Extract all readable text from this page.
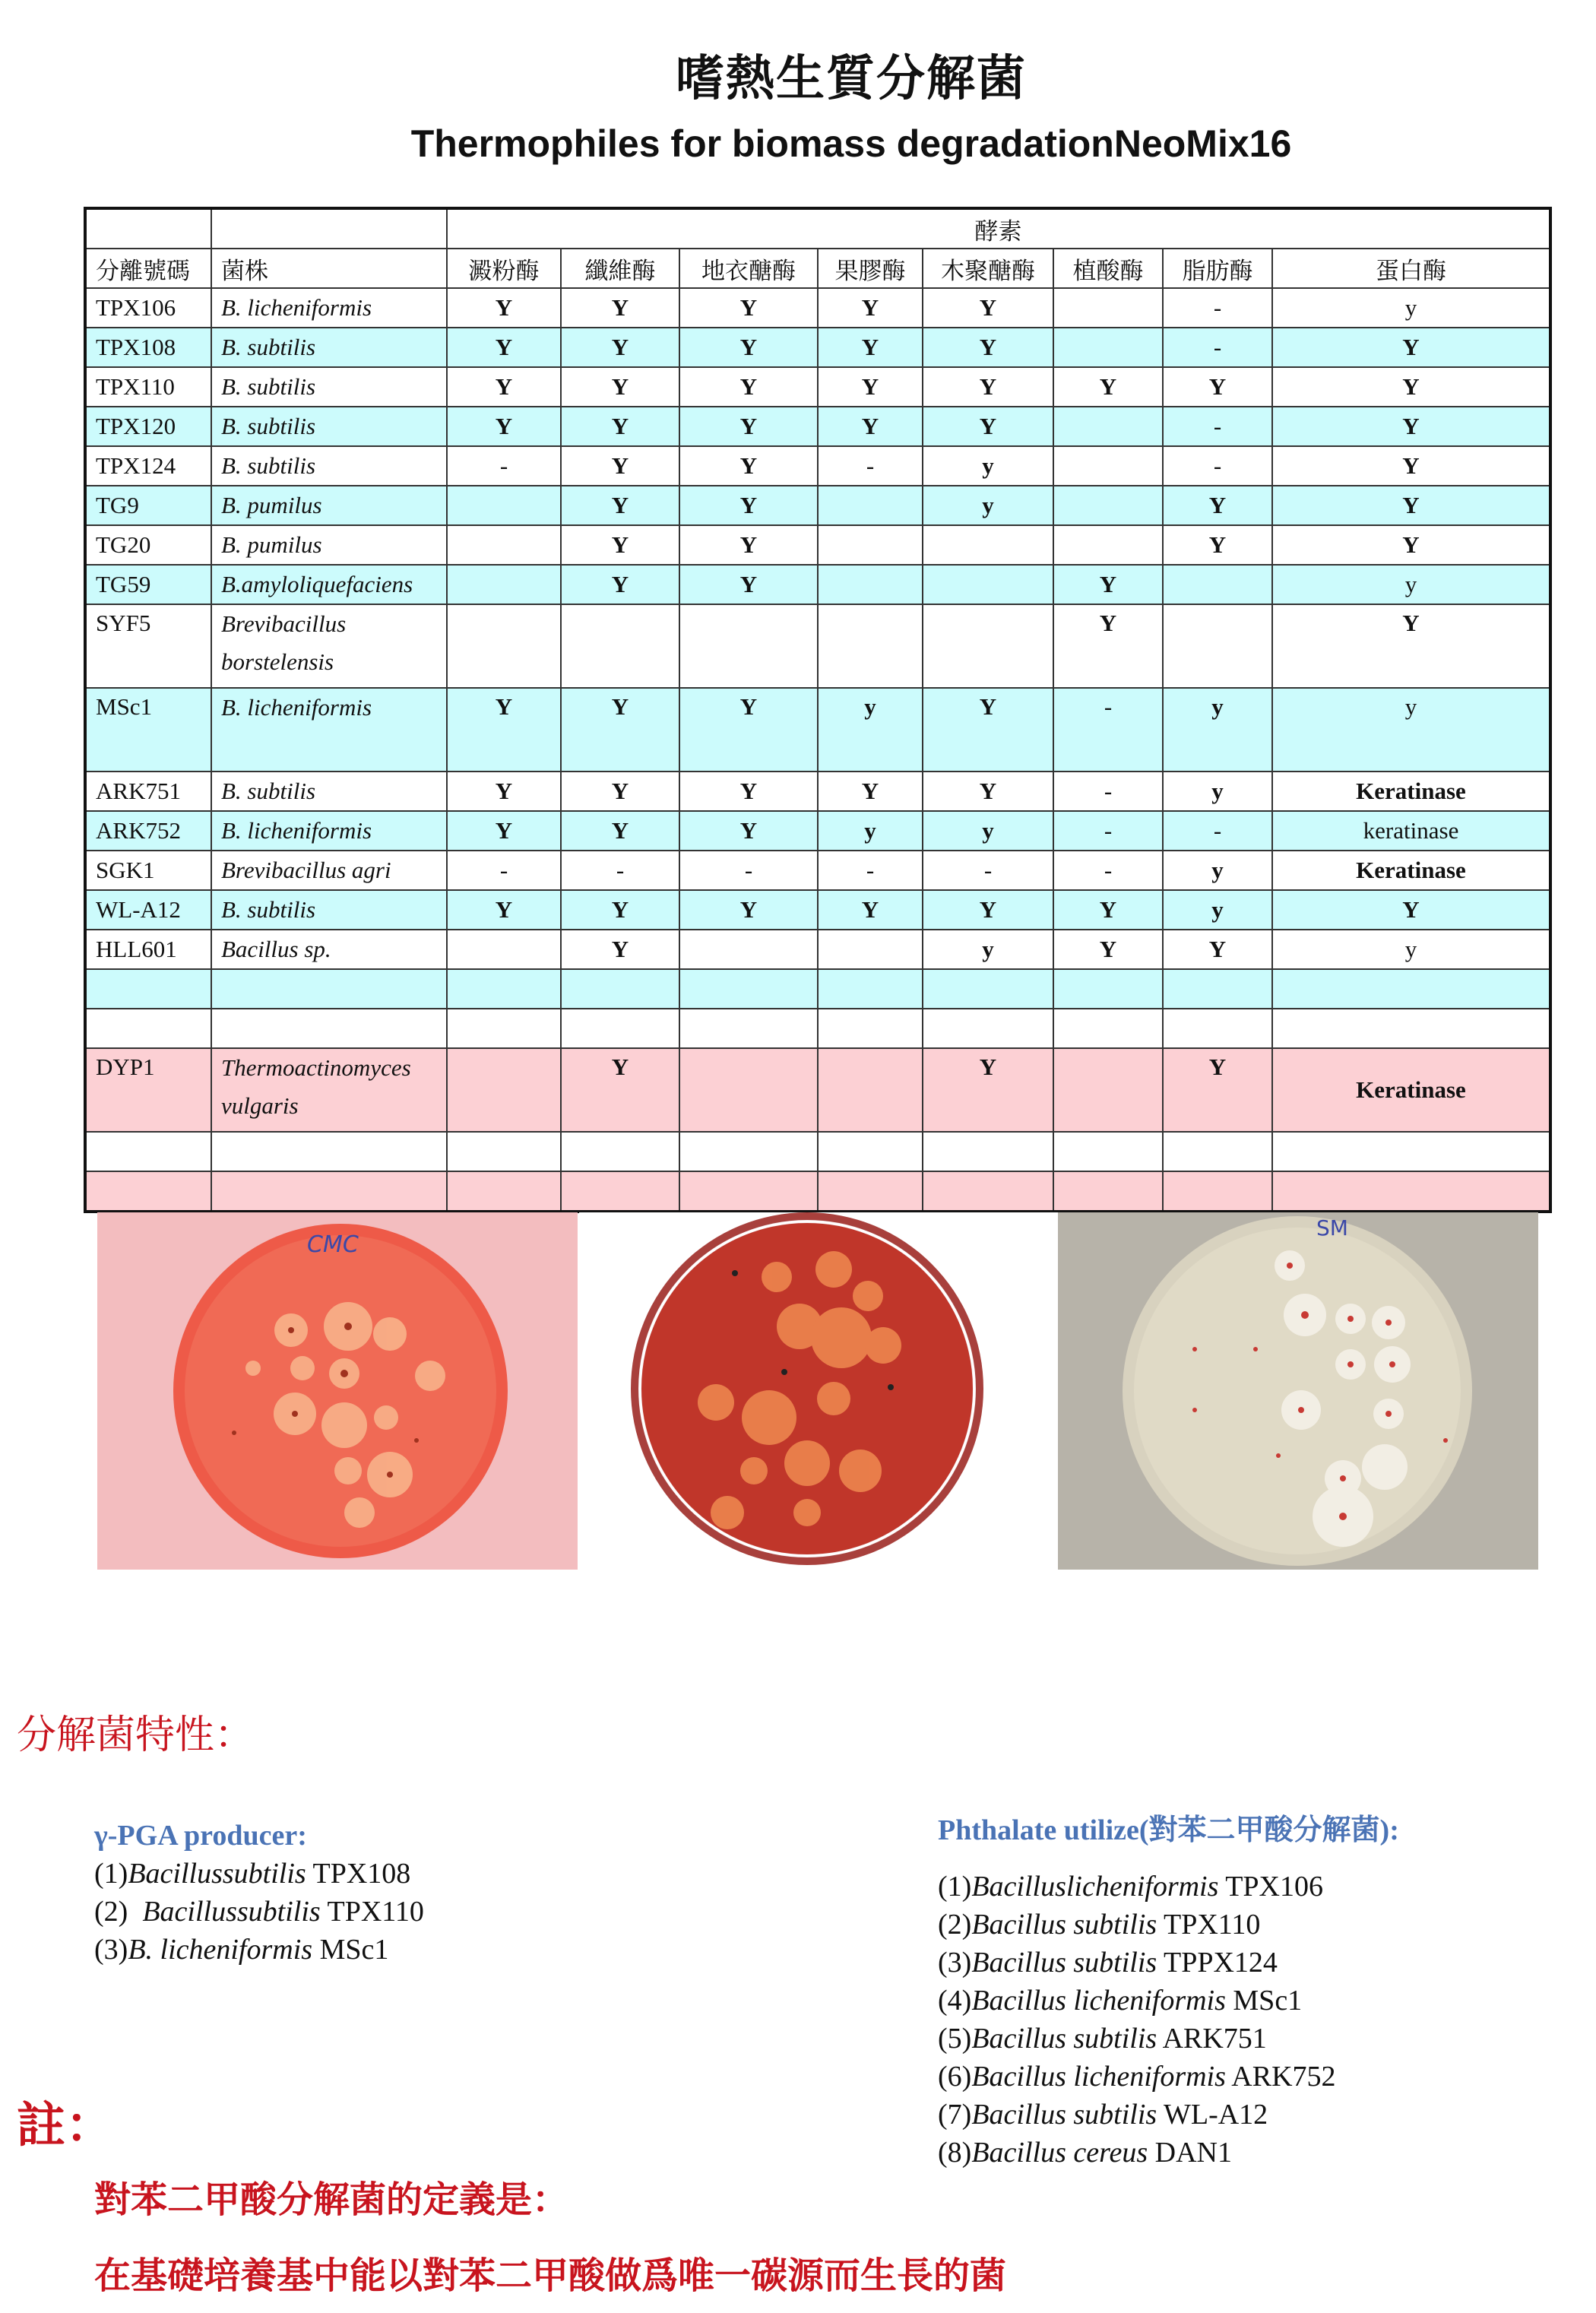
嗜熱生質分解菌
Thermophiles for biomass degradationNeoMix16
		酵素							
分離號碼	菌株	澱粉酶	纖維酶	地衣醣酶	果膠酶	木聚醣酶	植酸酶	脂肪酶	蛋白酶
TPX106	B. licheniformis	Y	Y	Y	Y	Y		-	y
TPX108	B. subtilis	Y	Y	Y	Y	Y		-	Y
TPX110	B. subtilis	Y	Y	Y	Y	Y	Y	Y	Y
TPX120	B. subtilis	Y	Y	Y	Y	Y		-	Y
TPX124	B. subtilis	-	Y	Y	-	y		-	Y
TG9	B. pumilus		Y	Y		y		Y	Y
TG20	B. pumilus		Y	Y				Y	Y
TG59	B.amyloliquefaciens		Y	Y			Y		y
SYF5	Brevibacillus borstelensis						Y		Y
MSc1	B. licheniformis	Y	Y	Y	y	Y	-	y	y
ARK751	B. subtilis	Y	Y	Y	Y	Y	-	y	Keratinase
ARK752	B. licheniformis	Y	Y	Y	y	y	-	-	keratinase
SGK1	Brevibacillus agri	-	-	-	-	-	-	y	Keratinase
WL-A12	B. subtilis	Y	Y	Y	Y	Y	Y	y	Y
HLL601	Bacillus sp.		Y			y	Y	Y	y

DYP1	Thermoactinomyces vulgaris		Y			Y		Y	Keratinase

CMC
SM
分解菌特性：
γ-PGA producer:
(1)Bacillussubtilis TPX108
(2)  Bacillussubtilis TPX110
(3)B. licheniformis MSc1
Phthalate utilize(對苯二甲酸分解菌):
(1)Bacilluslicheniformis TPX106
(2)Bacillus subtilis TPX110
(3)Bacillus subtilis TPPX124
(4)Bacillus licheniformis MSc1
(5)Bacillus subtilis ARK751
(6)Bacillus licheniformis ARK752
(7)Bacillus subtilis WL-A12
(8)Bacillus cereus DAN1
註：
對苯二甲酸分解菌的定義是：
在基礎培養基中能以對苯二甲酸做爲唯一碳源而生長的菌
